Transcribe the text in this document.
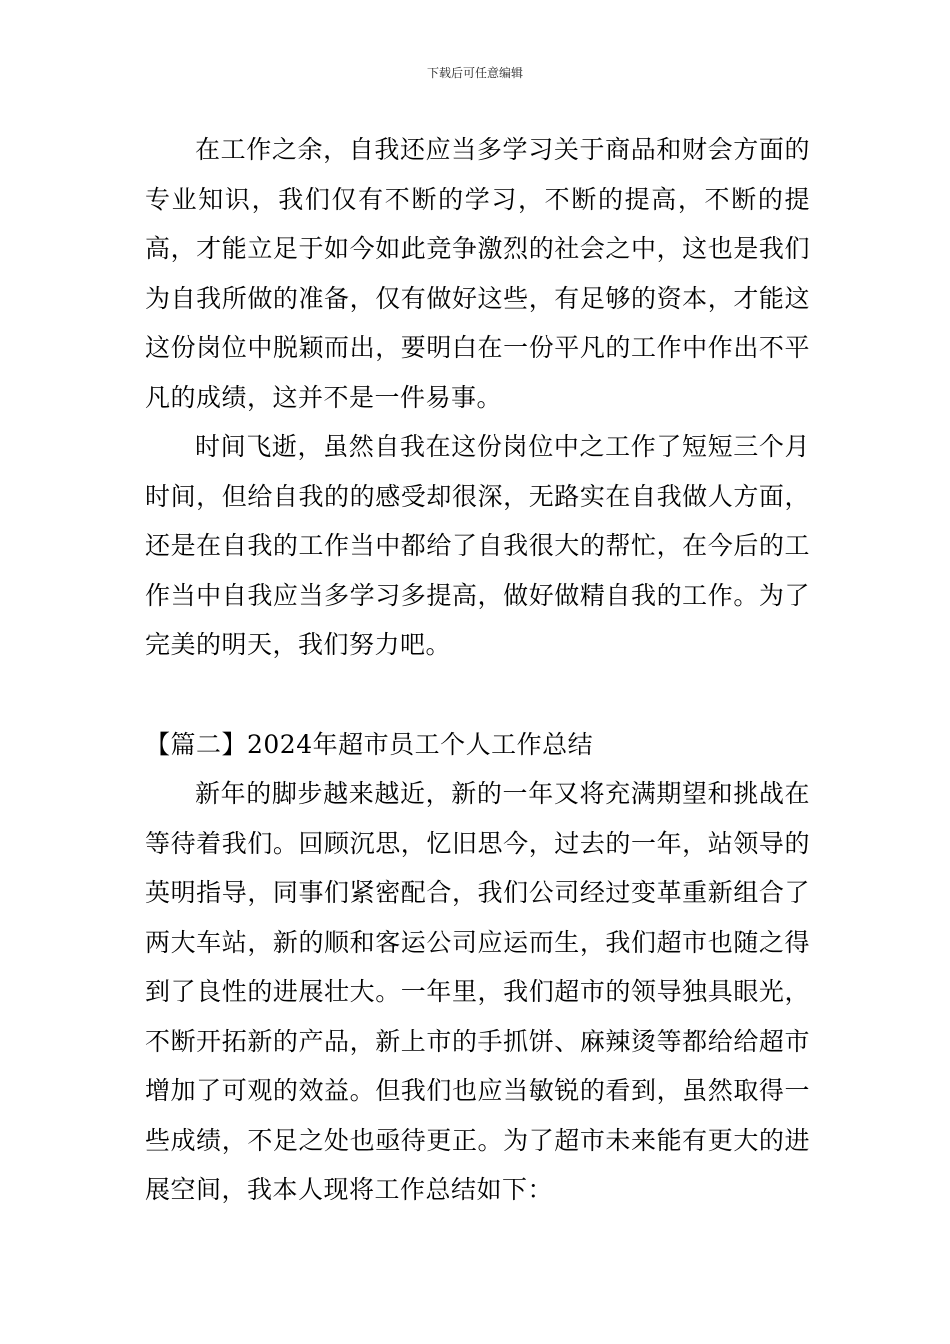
下载后可任意编辑

在工作之余，自我还应当多学习关于商品和财会方面的专业知识，我们仅有不断的学习，不断的提高，不断的提高，才能立足于如今如此竞争激烈的社会之中，这也是我们为自我所做的准备，仅有做好这些，有足够的资本，才能这这份岗位中脱颖而出，要明白在一份平凡的工作中作出不平凡的成绩，这并不是一件易事。

时间飞逝，虽然自我在这份岗位中之工作了短短三个月时间，但给自我的的感受却很深，无路实在自我做人方面，还是在自我的工作当中都给了自我很大的帮忙，在今后的工作当中自我应当多学习多提高，做好做精自我的工作。为了完美的明天，我们努力吧。

【篇二】2024年超市员工个人工作总结

新年的脚步越来越近，新的一年又将充满期望和挑战在等待着我们。回顾沉思，忆旧思今，过去的一年，站领导的英明指导，同事们紧密配合，我们公司经过变革重新组合了两大车站，新的顺和客运公司应运而生，我们超市也随之得到了良性的进展壮大。一年里，我们超市的领导独具眼光，不断开拓新的产品，新上市的手抓饼、麻辣烫等都给给超市增加了可观的效益。但我们也应当敏锐的看到，虽然取得一些成绩，不足之处也亟待更正。为了超市未来能有更大的进展空间，我本人现将工作总结如下：
